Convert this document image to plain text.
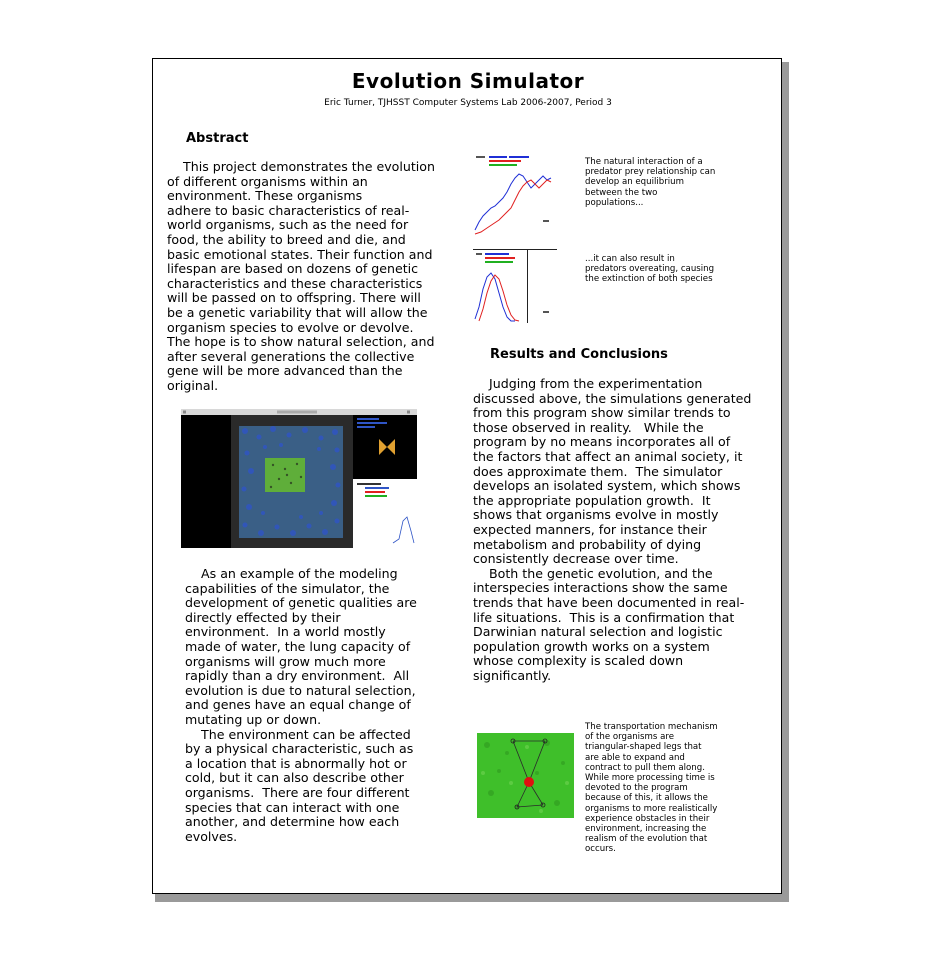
Evolution Simulator
Eric Turner, TJHSST Computer Systems Lab 2006-2007, Period 3
Abstract
This project demonstrates the evolution
of different organisms within an
environment. These organisms
adhere to basic characteristics of real-
world organisms, such as the need for
food, the ability to breed and die, and
basic emotional states. Their function and
lifespan are based on dozens of genetic
characteristics and these characteristics
will be passed on to offspring. There will
be a genetic variability that will allow the
organism species to evolve or devolve.
The hope is to show natural selection, and
after several generations the collective
gene will be more advanced than the
original.
As an example of the modeling
capabilities of the simulator, the
development of genetic qualities are
directly effected by their
environment.  In a world mostly
made of water, the lung capacity of
organisms will grow much more
rapidly than a dry environment.  All
evolution is due to natural selection,
and genes have an equal change of
mutating up or down.
The environment can be affected
by a physical characteristic, such as
a location that is abnormally hot or
cold, but it can also describe other
organisms.  There are four different
species that can interact with one
another, and determine how each
evolves.
The natural interaction of a
predator prey relationship can
develop an equilibrium
between the two
populations...
...it can also result in
predators overeating, causing
the extinction of both species
Results and Conclusions
Judging from the experimentation
discussed above, the simulations generated
from this program show similar trends to
those observed in reality.   While the
program by no means incorporates all of
the factors that affect an animal society, it
does approximate them.  The simulator
develops an isolated system, which shows
the appropriate population growth.  It
shows that organisms evolve in mostly
expected manners, for instance their
metabolism and probability of dying
consistently decrease over time.
Both the genetic evolution, and the
interspecies interactions show the same
trends that have been documented in real-
life situations.  This is a confirmation that
Darwinian natural selection and logistic
population growth works on a system
whose complexity is scaled down
significantly.
The transportation mechanism
of the organisms are
triangular-shaped legs that
are able to expand and
contract to pull them along.
While more processing time is
devoted to the program
because of this, it allows the
organisms to more realistically
experience obstacles in their
environment, increasing the
realism of the evolution that
occurs.
